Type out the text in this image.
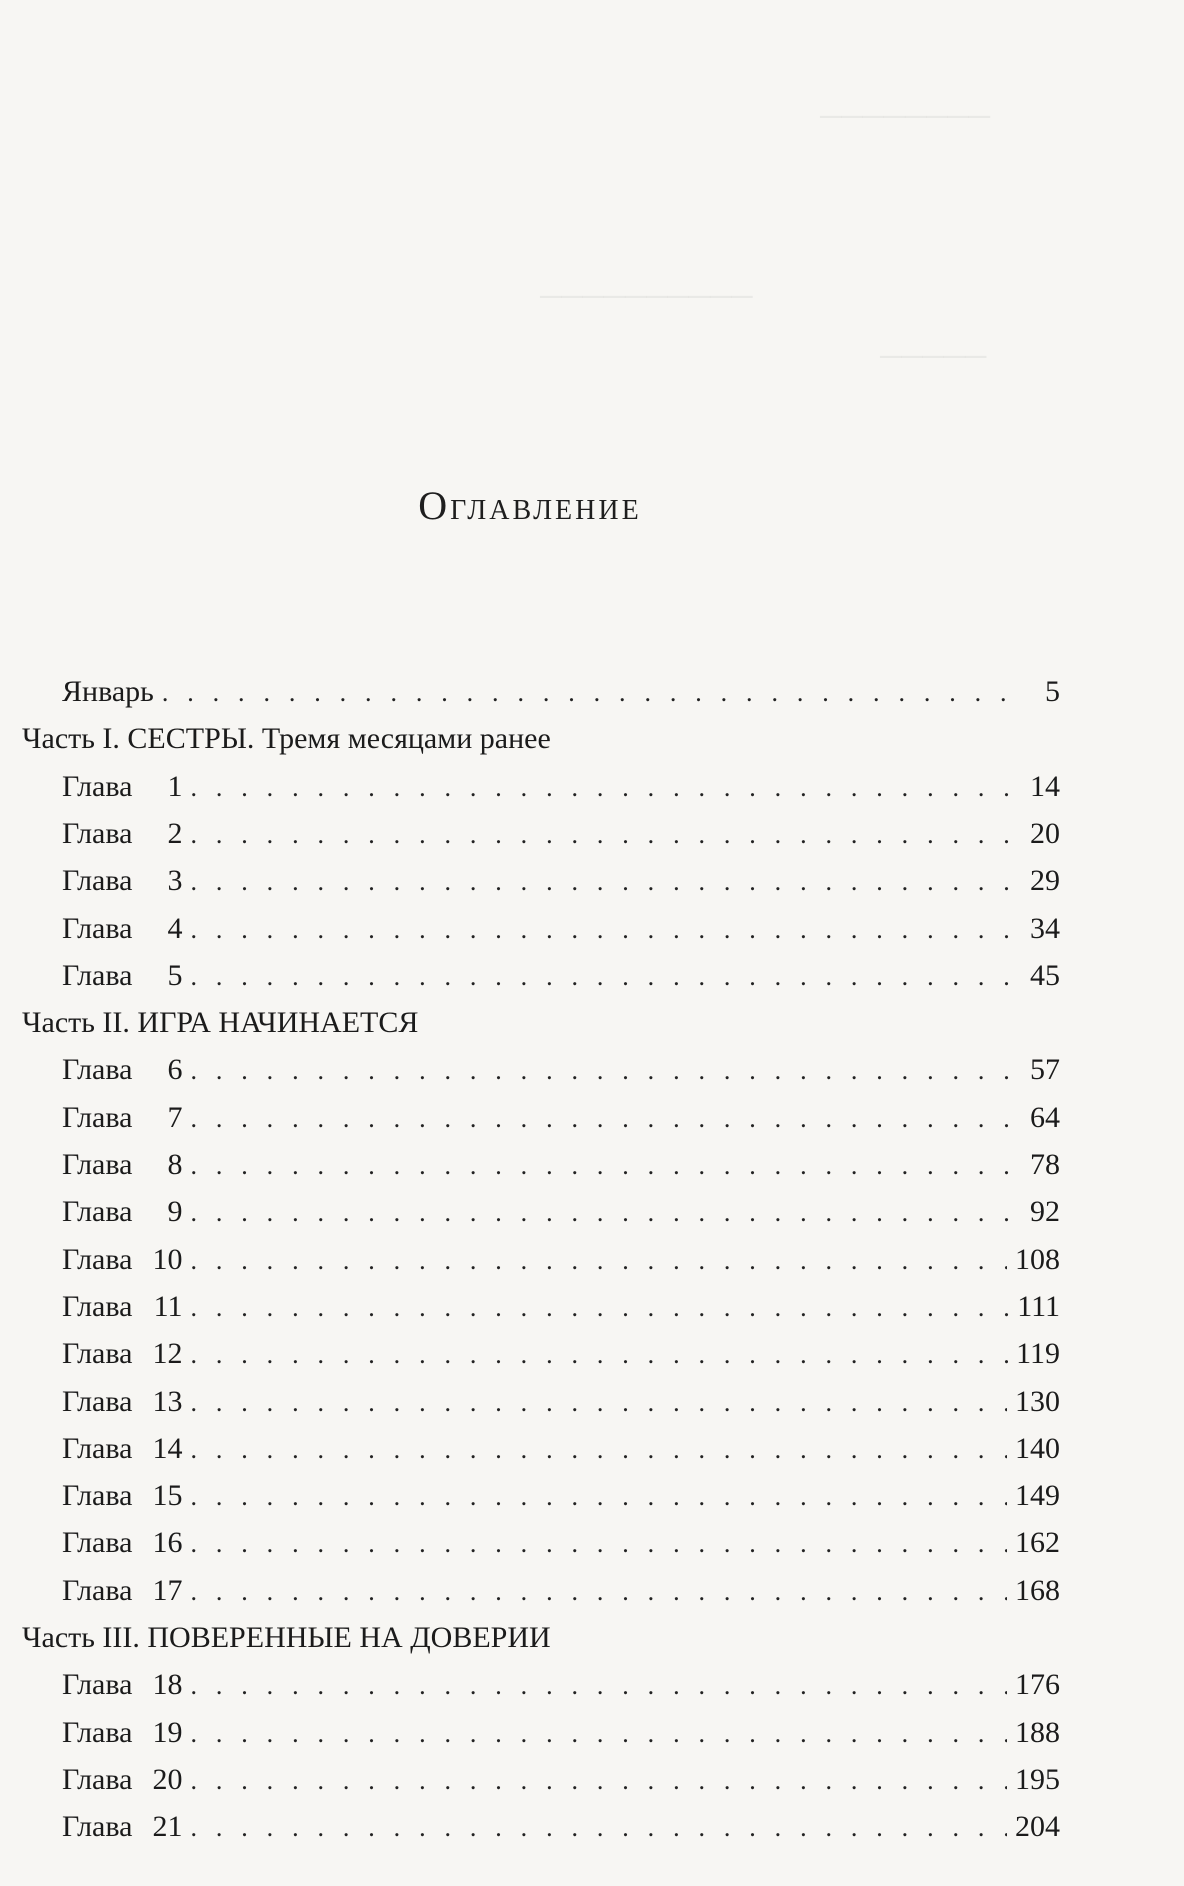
────────
──────────
─────
Оглавление
Январь . . .	5
Часть I. СЕСТРЫ. Тремя месяцами ранее
Глава 1 . . .	14
Глава 2 . . .	20
Глава 3 . . .	29
Глава 4 . . .	34
Глава 5 . . .	45
Часть II. ИГРА НАЧИНАЕТСЯ
Глава 6 . . .	57
Глава 7 . . .	64
Глава 8 . . .	78
Глава 9 . . .	92
Глава 10 . . .	108
Глава 11 . . .	111
Глава 12 . . .	119
Глава 13 . . .	130
Глава 14 . . .	140
Глава 15 . . .	149
Глава 16 . . .	162
Глава 17 . . .	168
Часть III. ПОВЕРЕННЫЕ НА ДОВЕРИИ
Глава 18 . . .	176
Глава 19 . . .	188
Глава 20 . . .	195
Глава 21 . . .	204
